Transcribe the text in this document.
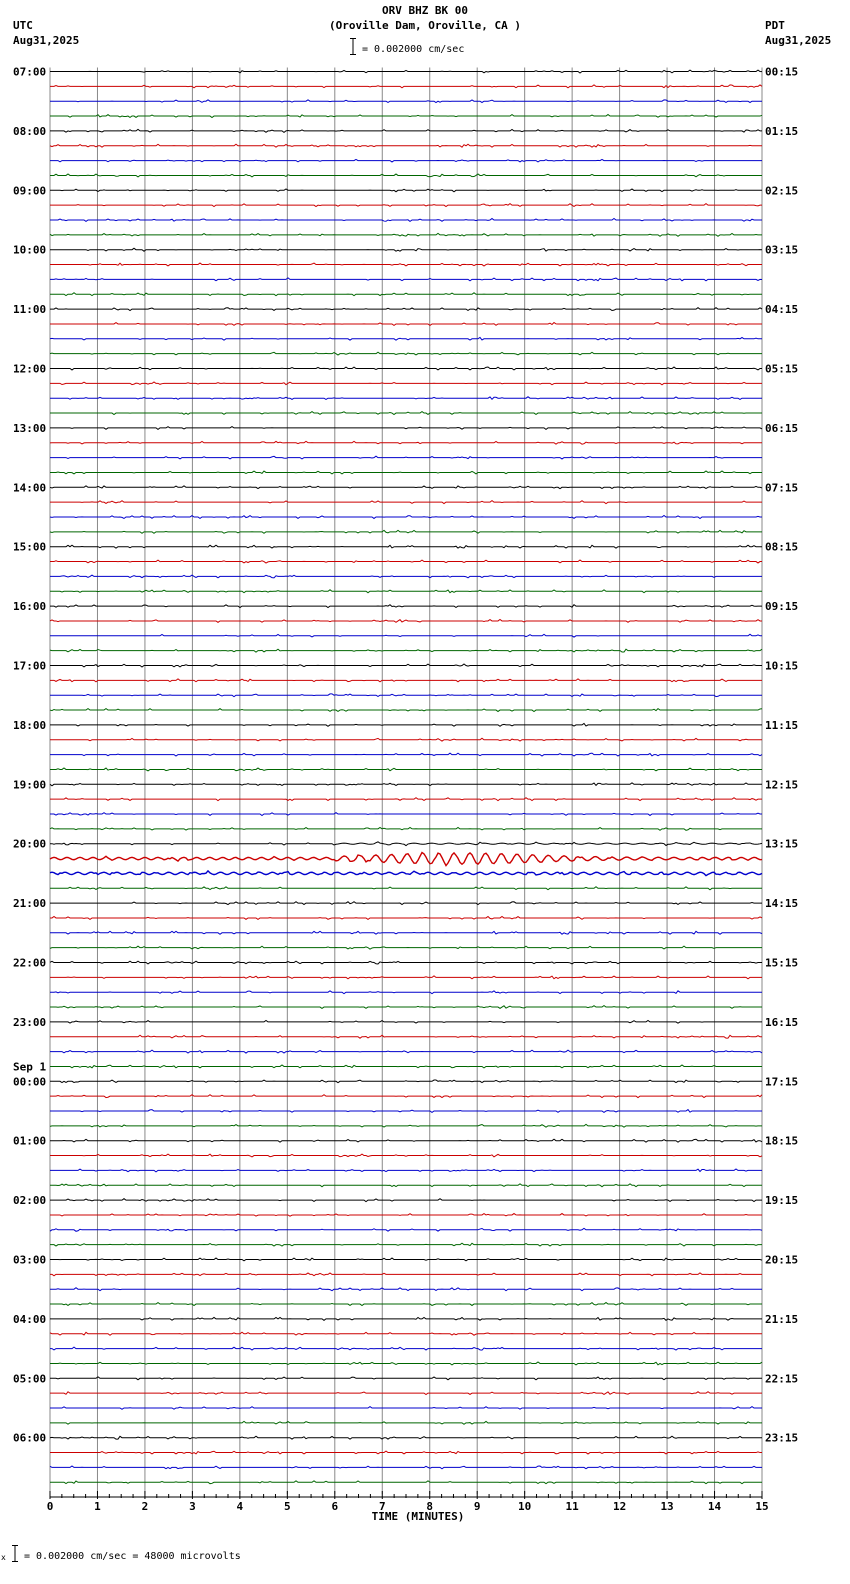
ORV BHZ BK 00
(Oroville Dam, Oroville, CA )
= 0.002000 cm/sec
UTC
Aug31,2025
PDT
Aug31,2025
07:00
08:00
09:00
10:00
11:00
12:00
13:00
14:00
15:00
16:00
17:00
18:00
19:00
20:00
21:00
22:00
23:00
00:00
Sep 1
01:00
02:00
03:00
04:00
05:00
06:00
00:15
01:15
02:15
03:15
04:15
05:15
06:15
07:15
08:15
09:15
10:15
11:15
12:15
13:15
14:15
15:15
16:15
17:15
18:15
19:15
20:15
21:15
22:15
23:15
0	1	2	3	4	5	6	7	8	9	10	11	12	13	14	15
TIME (MINUTES)
x = 0.002000 cm/sec = 48000 microvolts
